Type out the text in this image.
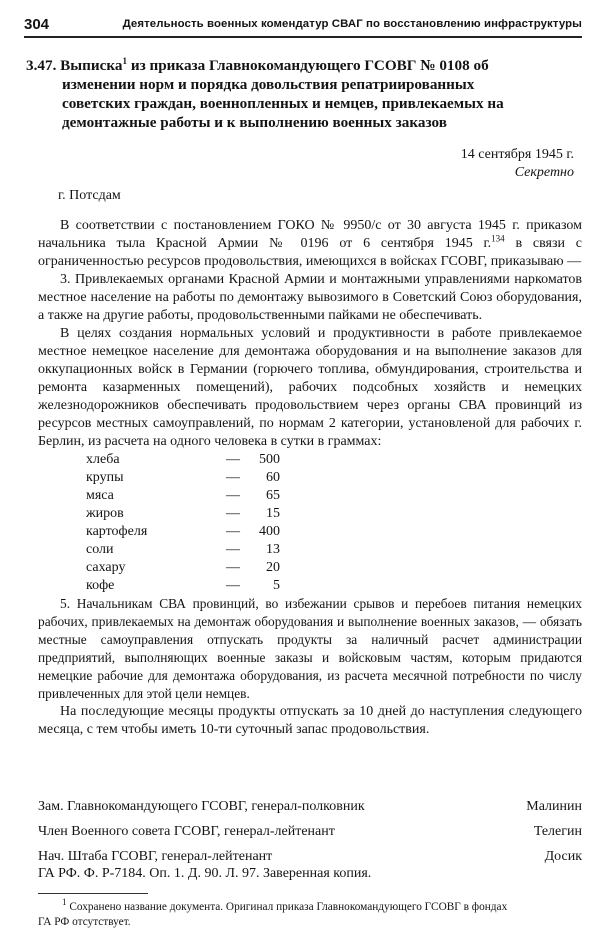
304	Деятельность военных комендатур СВАГ по восстановлению инфраструктуры
3.47. Выписка$^1$ из приказа Главнокомандующего ГСОВГ № 0108 об
изменении норм и порядка довольствия репатриированных
советских граждан, военнопленных и немцев, привлекаемых на
демонтажные работы и к выполнению военных заказов
14 сентября 1945 г.
Секретно
г. Потсдам

В соответствии с постановлением ГОКО № 9950/с от 30 августа 1945 г. приказом начальника тыла Красной Армии № 0196 от 6 сентября 1945 г.$^{134}$ в связи с ограниченностью ресурсов продовольствия, имеющихся в войсках ГСОВГ, приказываю —

3. Привлекаемых органами Красной Армии и монтажными управлениями наркоматов местное население на работы по демонтажу вывозимого в Советский Союз оборудования, а также на другие работы, продовольственными пайками не обеспечивать.

В целях создания нормальных условий и продуктивности в работе привлекаемое местное немецкое население для демонтажа оборудования и на выполнение заказов для оккупационных войск в Германии (горючего топлива, обмундирования, строительства и ремонта казарменных помещений), рабочих подсобных хозяйств и немецких железнодорожников обеспечивать продовольствием через органы СВА провинций из ресурсов местных самоуправлений, по нормам 2 категории, установленой для рабочих г. Берлин, из расчета на одного человека в сутки в граммах:

хлеба	—	500
крупы	—	60
мяса	—	65
жиров	—	15
картофеля	—	400
соли	—	13
сахару	—	20
кофе	—	5

5. Начальникам СВА провинций, во избежании срывов и перебоев питания немецких рабочих, привлекаемых на демонтаж оборудования и выполнение военных заказов, — обязать местные самоуправления отпускать продукты за наличный расчет администрации предприятий, выполняющих военные заказы и войсковым частям, которым придаются немецкие рабочие для демонтажа оборудования, из расчета месячной потребности по числу привлеченных для этой цели немцев.

На последующие месяцы продукты отпускать за 10 дней до наступления следующего месяца, с тем чтобы иметь 10-ти суточный запас продовольствия.

Зам. Главнокомандующего ГСОВГ, генерал-полковник	Малинин
Член Военного совета ГСОВГ, генерал-лейтенант	Телегин
Нач. Штаба ГСОВГ, генерал-лейтенант	Досик
ГА РФ. Ф. Р-7184. Оп. 1. Д. 90. Л. 97. Заверенная копия.
$^1$ Сохранено название документа. Оригинал приказа Главнокомандующего ГСОВГ в фондах
ГА РФ отсутствует.
